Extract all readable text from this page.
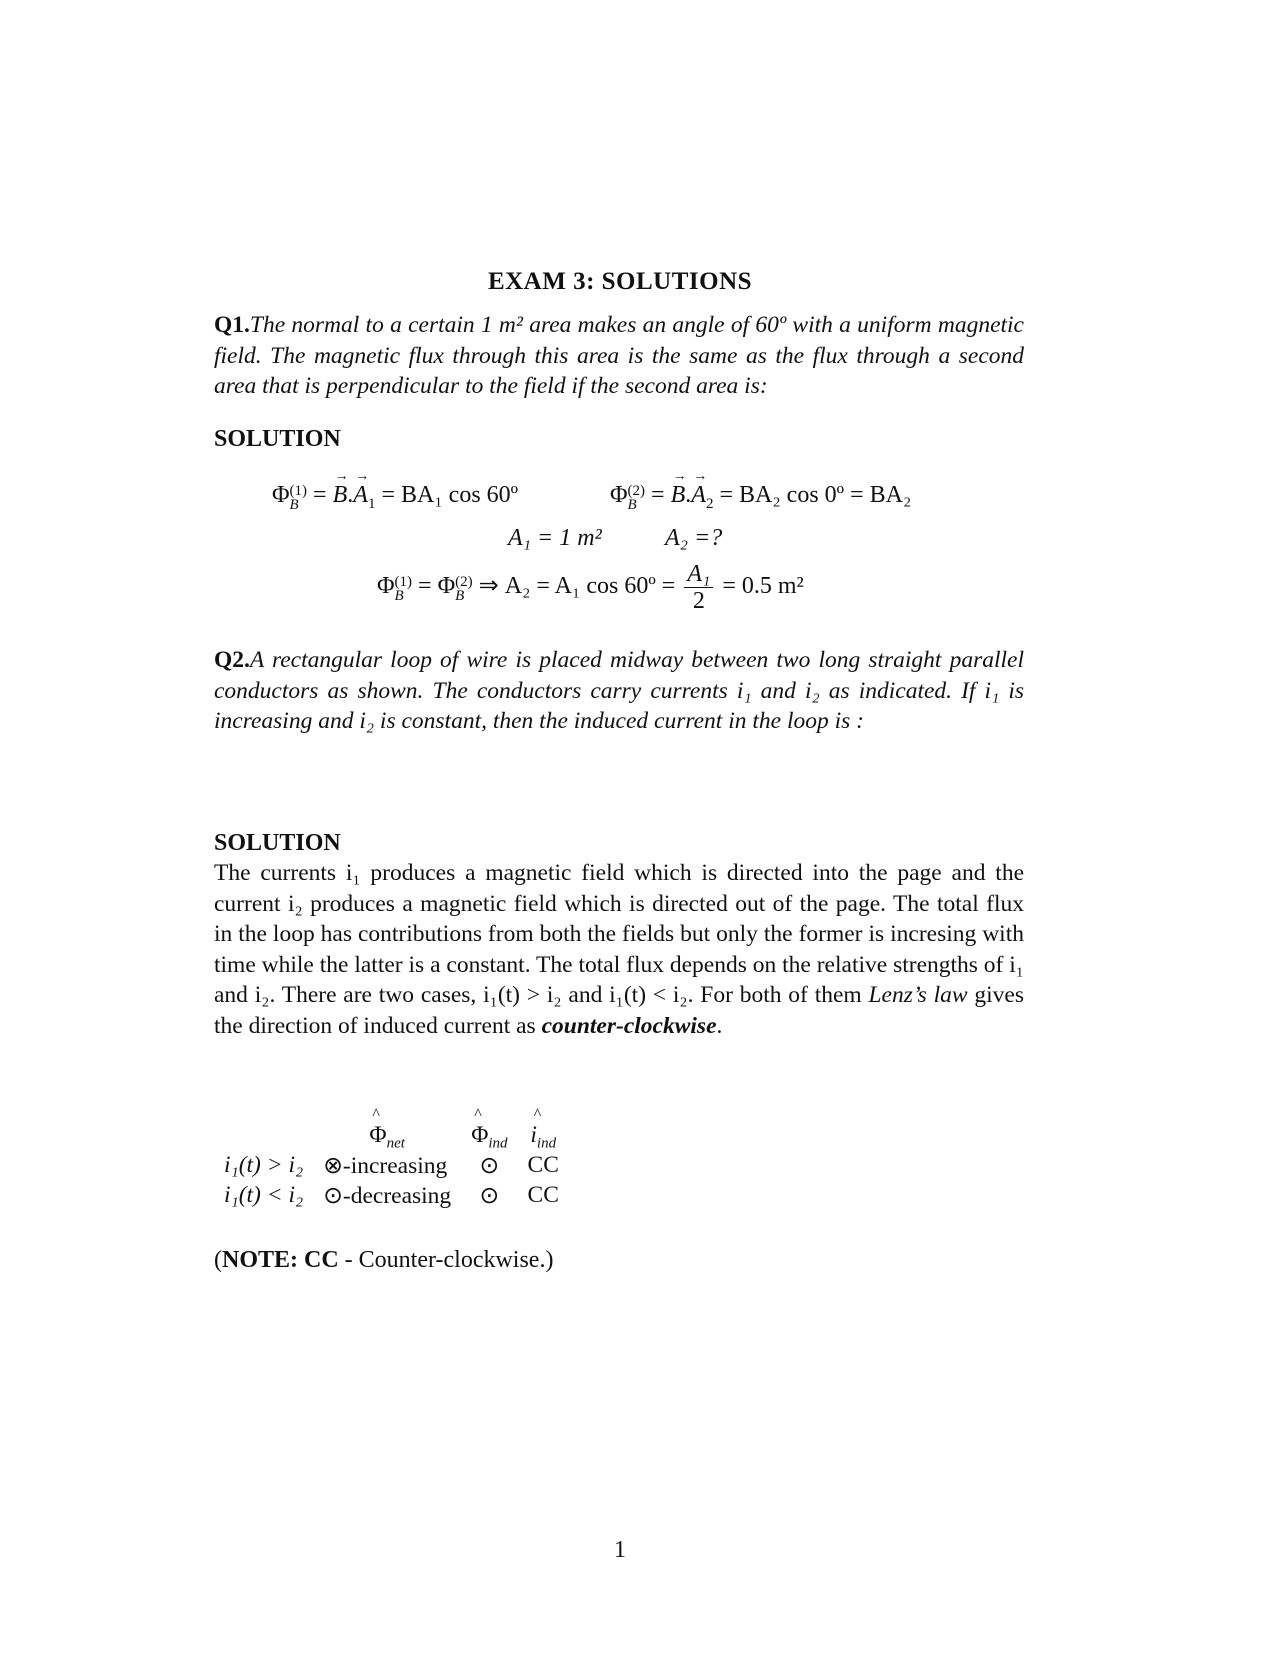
EXAM 3: SOLUTIONS
Q1.The normal to a certain 1 m² area makes an angle of 60º with a uniform magnetic field. The magnetic flux through this area is the same as the flux through a second area that is perpendicular to the field if the second area is:
SOLUTION
Φ (1)
B = → $B.\to A_1 = BA_1$ cos 60º	Φ (2)
B = → $B.\to A_2 = BA_2$ cos 0º = BA₂
A₁ = 1 m²	A₂ =?
Φ (1)
B = Φ (2)
B ⇒ A₂ = A₁ cos 60º = $\frac{\text{A₁}}{2} = 0.5$ m²
Q2.A rectangular loop of wire is placed midway between two long straight parallel conductors as shown. The conductors carry currents i₁ and i₂ as indicated. If i₁ is increasing and i₂ is constant, then the induced current in the loop is :
SOLUTION
The currents i₁ produces a magnetic field which is directed into the page and the current i₂ produces a magnetic field which is directed out of the page. The total flux in the loop has contributions from both the fields but only the former is incresing with time while the latter is a constant. The total flux depends on the relative strengths of i₁ and i₂. There are two cases, i₁(t) > i₂ and i₁(t) < i₂. For both of them Lenz’s law gives the direction of induced current as counter-clockwise.
	^ $\Phi_{net}$	^ $\Phi_{ind}$	^ $i_{ind}$
i₁(t) > i₂	⊗-increasing	⊙	CC
i₁(t) < i₂	⊙-decreasing	⊙	CC
(NOTE: CC - Counter-clockwise.)
1
